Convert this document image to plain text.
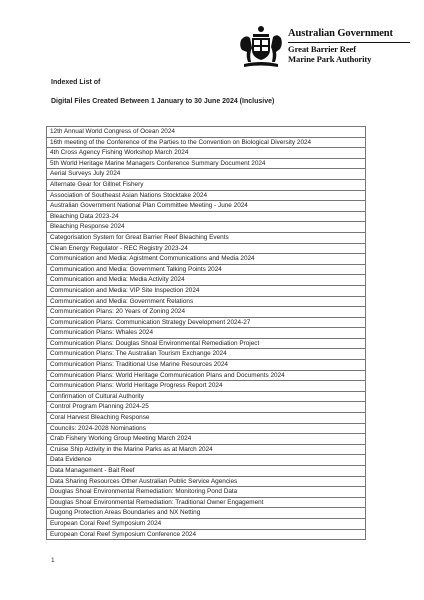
Australian Government
Great Barrier Reef
Marine Park Authority
Indexed List of
Digital Files Created Between 1 January to 30 June 2024 (Inclusive)
12th Annual World Congress of Ocean 2024
16th meeting of the Conference of the Parties to the Convention on Biological Diversity 2024
4th Cross Agency Fishing Workshop March 2024
5th World Heritage Marine Managers Conference Summary Document 2024
Aerial Surveys July 2024
Alternate Gear for Gillnet Fishery
Association of Southeast Asian Nations Stocktake 2024
Australian Government National Plan Committee Meeting - June 2024
Bleaching Data 2023-24
Bleaching Response 2024
Categorisation System for Great Barrier Reef Bleaching Events
Clean Energy Regulator - REC Registry 2023-24
Communication and Media: Agistment Communications and Media 2024
Communication and Media: Government Talking Points 2024
Communication and Media: Media Activity 2024
Communication and Media: VIP Site Inspection 2024
Communication and Media: Government Relations
Communication Plans: 20 Years of Zoning 2024
Communication Plans: Communication Strategy Development 2024-27
Communication Plans: Whales 2024
Communication Plans: Douglas Shoal Environmental Remediation Project
Communication Plans: The Australian Tourism Exchange 2024
Communication Plans: Traditional Use Marine Resources 2024
Communication Plans: World Heritage Communication Plans and Documents 2024
Communication Plans: World Heritage Progress Report 2024
Confirmation of Cultural Authority
Control Program Planning 2024-25
Coral Harvest Bleaching Response
Councils: 2024-2028 Nominations
Crab Fishery Working Group Meeting March 2024
Cruise Ship Activity in the Marine Parks as at March 2024
Data Evidence
Data Management - Bait Reef
Data Sharing Resources Other Australian Public Service Agencies
Douglas Shoal Environmental Remediation: Monitoring Pond Data
Douglas Shoal Environmental Remediation: Traditional Owner Engagement
Dugong Protection Areas Boundaries and NX Netting
European Coral Reef Symposium 2024
European Coral Reef Symposium Conference 2024
1
